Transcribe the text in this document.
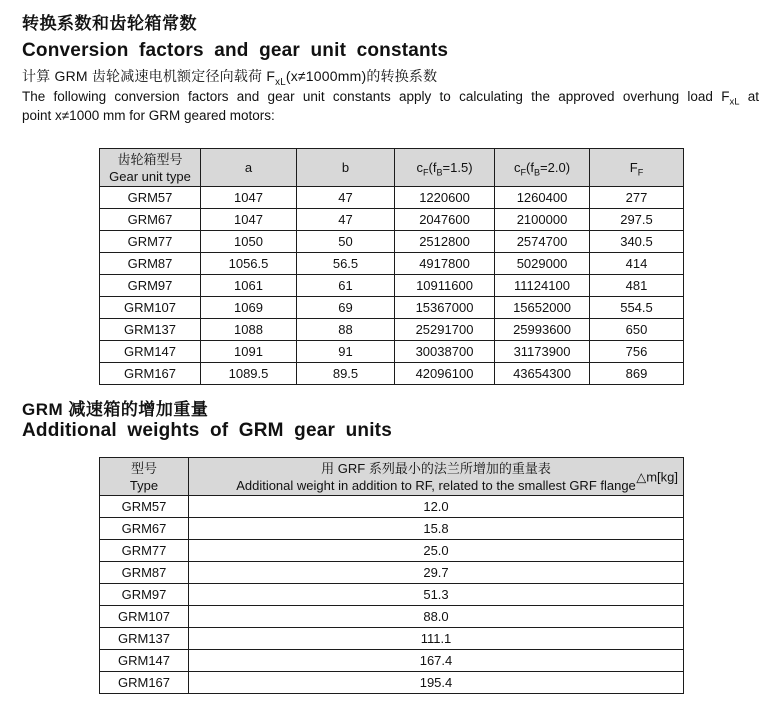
转换系数和齿轮箱常数
Conversion factors and gear unit constants
计算 GRM 齿轮减速电机额定径向载荷 $F_{xL}(x\ne 1000mm)$的转换系数
The following conversion factors and gear unit constants apply to calculating the approved overhung load $F_{xL}$ at
point x≠1000 mm for GRM geared motors:
齿轮箱型号
Gear unit type	a	b	$c_F(f_B=1.5)$	$c_F(f_B=2.0)$	$F_F$
GRM57	1047	47	1220600	1260400	277
GRM67	1047	47	2047600	2100000	297.5
GRM77	1050	50	2512800	2574700	340.5
GRM87	1056.5	56.5	4917800	5029000	414
GRM97	1061	61	10911600	11124100	481
GRM107	1069	69	15367000	15652000	554.5
GRM137	1088	88	25291700	25993600	650
GRM147	1091	91	30038700	31173900	756
GRM167	1089.5	89.5	42096100	43654300	869
GRM 减速箱的增加重量
Additional weights of GRM gear units
型号
Type

用 GRF 系列最小的法兰所增加的重量表
Additional weight in addition to RF, related to the smallest GRF flange
△m[kg]

GRM57	12.0
GRM67	15.8
GRM77	25.0
GRM87	29.7
GRM97	51.3
GRM107	88.0
GRM137	111.1
GRM147	167.4
GRM167	195.4
